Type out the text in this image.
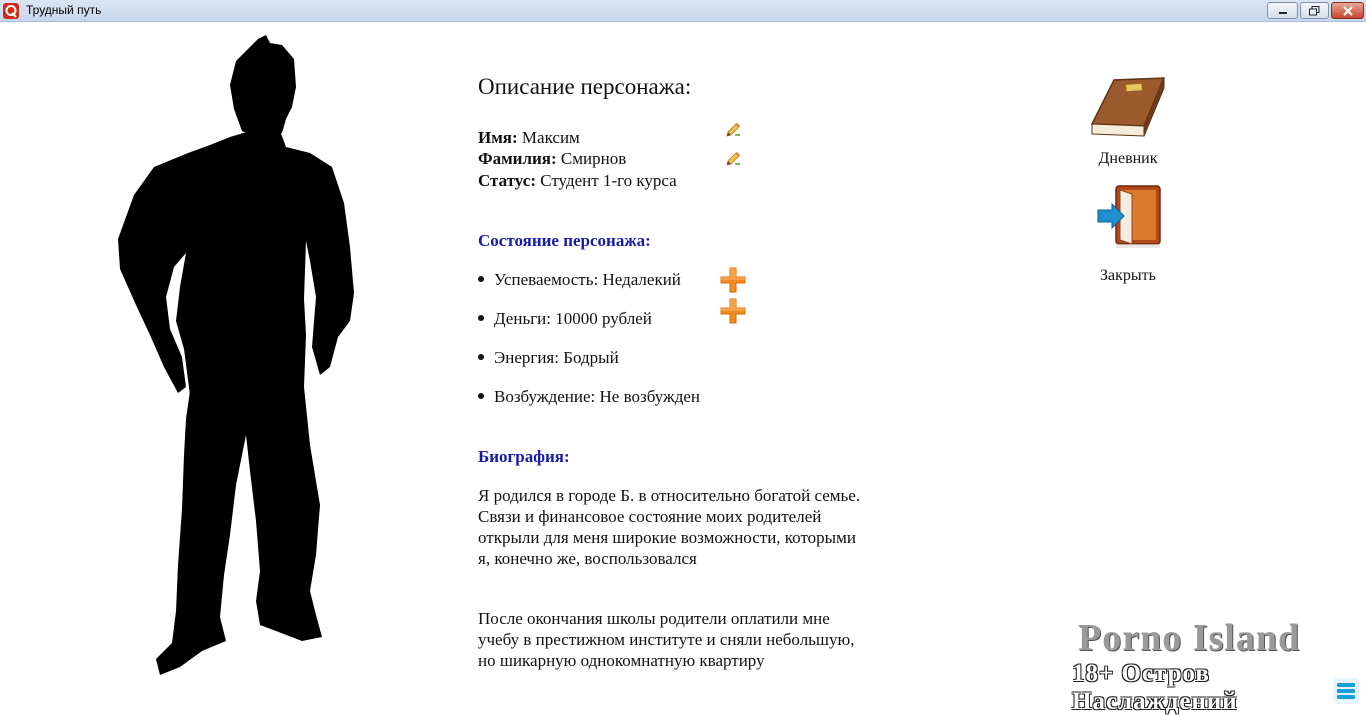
Трудный путь
Описание персонажа:
Имя: Максим
Фамилия: Смирнов
Статус: Студент 1-го курса
Состояние персонажа:
Успеваемость: Недалекий
Деньги: 10000 рублей
Энергия: Бодрый
Возбуждение: Не возбужден
Биография:
Я родился в городе Б. в относительно богатой семье. Связи и финансовое состояние моих родителей открыли для меня широкие возможности, которыми я, конечно же, воспользовался
После окончания школы родители оплатили мне учебу в престижном институте и сняли небольшую, но шикарную однокомнатную квартиру
Дневник
Закрыть
Porno Island
18+ Остров Наслаждений
